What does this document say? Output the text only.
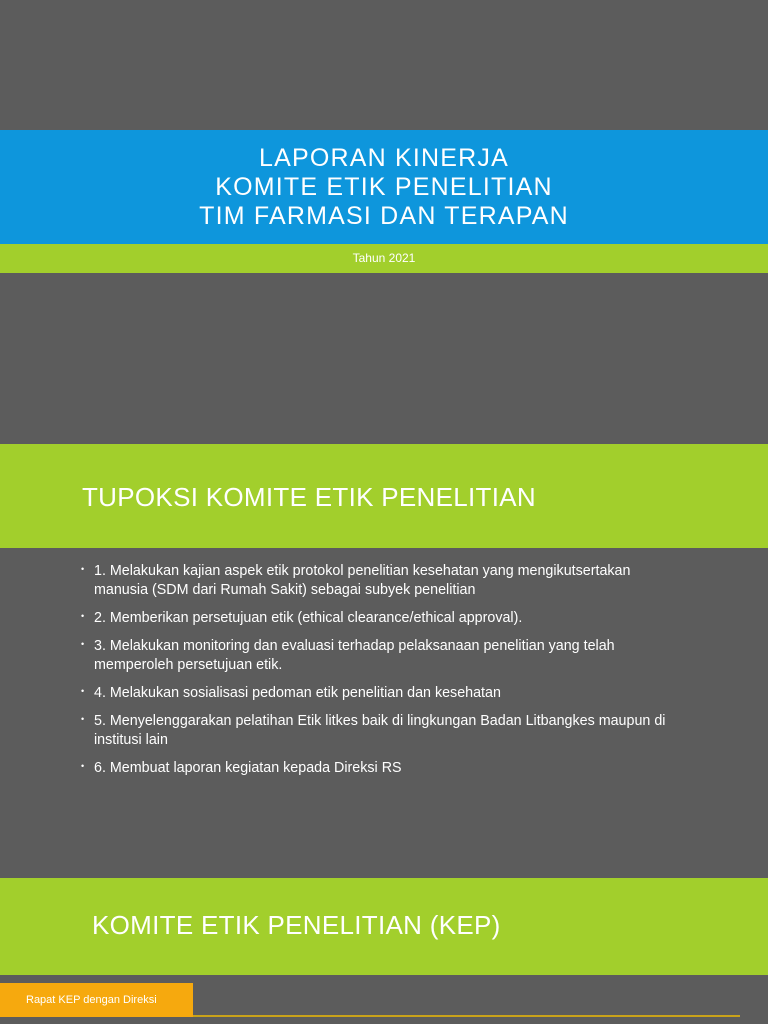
LAPORAN KINERJA
KOMITE ETIK PENELITIAN
TIM FARMASI DAN TERAPAN
Tahun 2021
TUPOKSI KOMITE ETIK PENELITIAN
• 1. Melakukan kajian aspek etik protokol penelitian kesehatan yang mengikutsertakan manusia (SDM dari Rumah Sakit) sebagai subyek penelitian
• 2. Memberikan persetujuan etik (ethical clearance/ethical approval).
• 3. Melakukan monitoring dan evaluasi terhadap pelaksanaan penelitian yang telah memperoleh persetujuan etik.
• 4. Melakukan sosialisasi pedoman etik penelitian dan kesehatan
• 5. Menyelenggarakan pelatihan Etik litkes baik di lingkungan Badan Litbangkes maupun di institusi lain
• 6. Membuat laporan kegiatan kepada Direksi RS
KOMITE ETIK PENELITIAN (KEP)
Rapat KEP dengan Direksi
